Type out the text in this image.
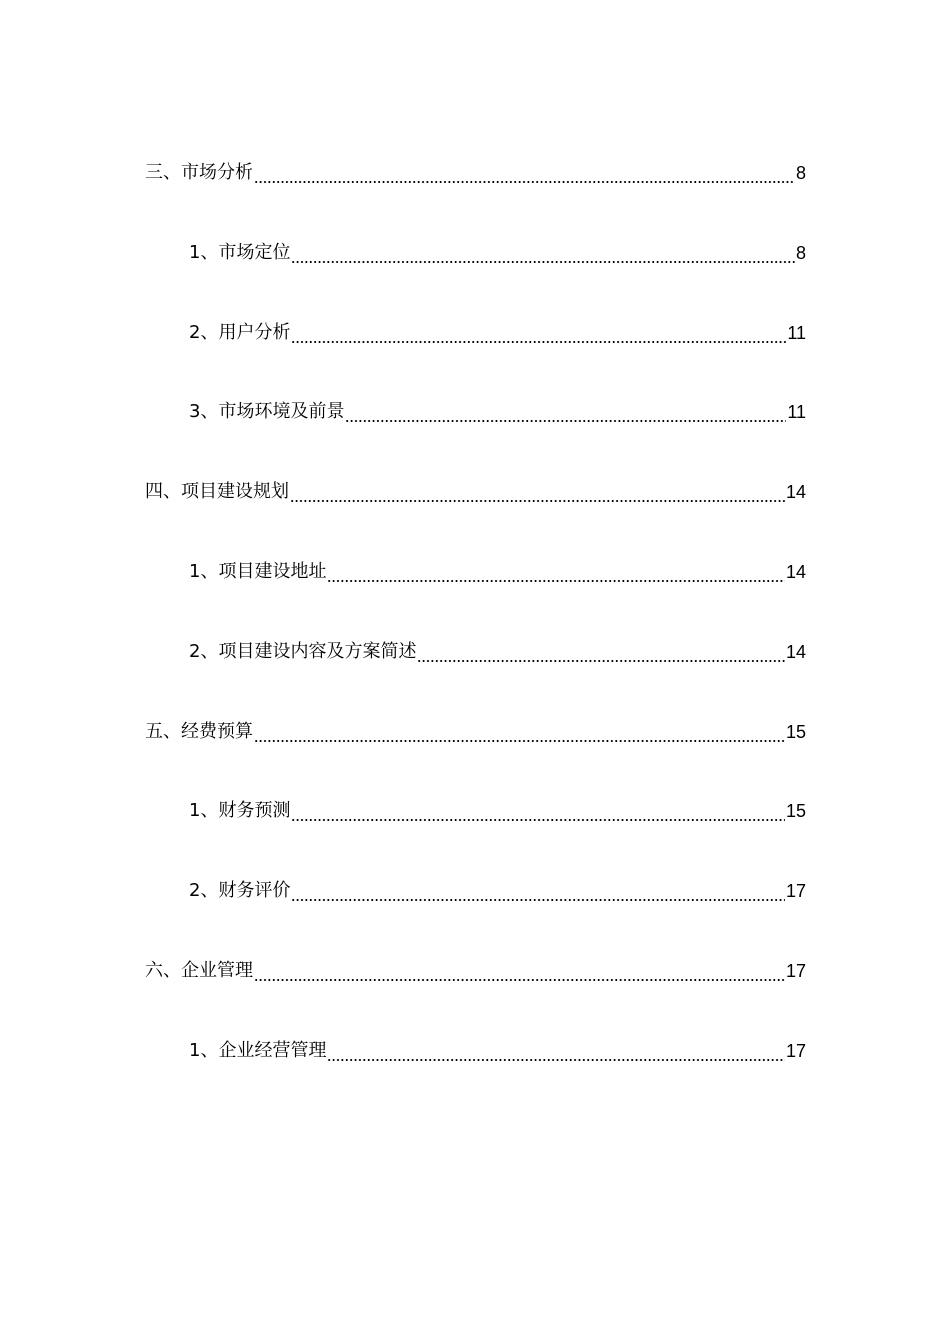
三、市场分析	8
1、市场定位	8
2、用户分析	11
3、市场环境及前景	11
四、项目建设规划	14
1、项目建设地址	14
2、项目建设内容及方案简述	14
五、经费预算	15
1、财务预测	15
2、财务评价	17
六、企业管理	17
1、企业经营管理	17
